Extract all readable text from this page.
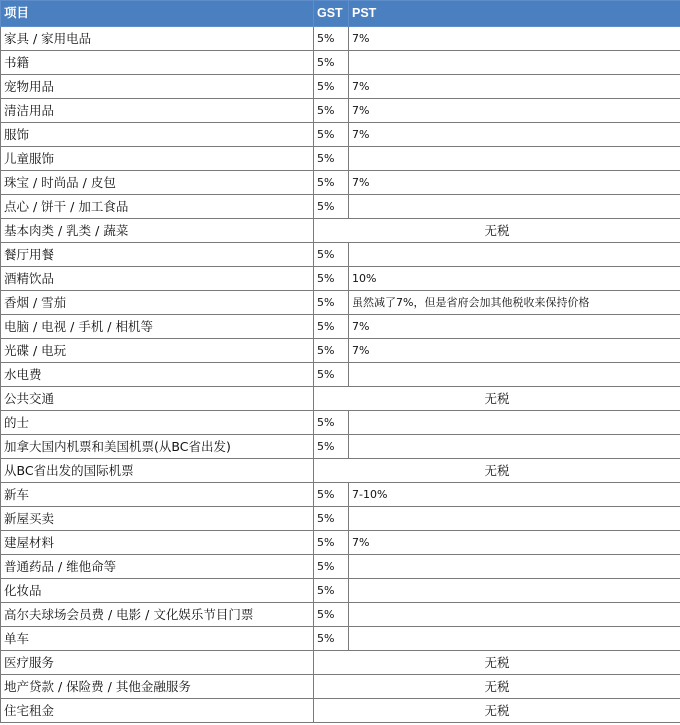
项目	GST	PST
家具 / 家用电品	5%	7%
书籍	5%	
宠物用品	5%	7%
清洁用品	5%	7%
服饰	5%	7%
儿童服饰	5%	
珠宝 / 时尚品 / 皮包	5%	7%
点心 / 饼干 / 加工食品	5%	
基本肉类 / 乳类 / 蔬菜	无税	
餐厅用餐	5%	
酒精饮品	5%	10%
香烟 / 雪茄	5%	虽然减了7%，但是省府会加其他税收来保持价格
电脑 / 电视 / 手机 / 相机等	5%	7%
光碟 / 电玩	5%	7%
水电费	5%	
公共交通	无税	
的士	5%	
加拿大国内机票和美国机票(从BC省出发)	5%	
从BC省出发的国际机票	无税	
新车	5%	7-10%
新屋买卖	5%	
建屋材料	5%	7%
普通药品 / 维他命等	5%	
化妆品	5%	
高尔夫球场会员费 / 电影 / 文化娱乐节目门票	5%	
单车	5%	
医疗服务	无税	
地产贷款 / 保险费 / 其他金融服务	无税	
住宅租金	无税	
